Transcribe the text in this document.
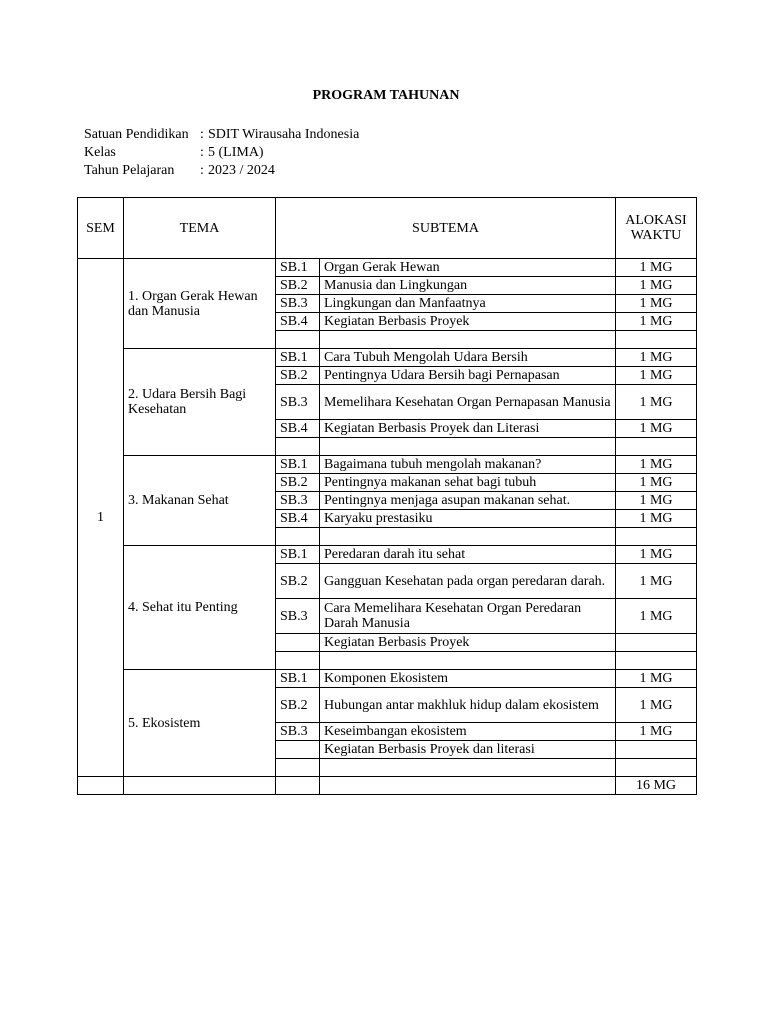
PROGRAM TAHUNAN
Satuan Pendidikan : SDIT Wirausaha Indonesia
Kelas	: 5 (LIMA)
Tahun Pelajaran	: 2023 / 2024
SEM	TEMA	SUBTEMA		ALOKASI
WAKTU
1	1. Organ Gerak Hewan dan Manusia	SB.1	Organ Gerak Hewan	1 MG
		SB.2	Manusia dan Lingkungan	1 MG
		SB.3	Lingkungan dan Manfaatnya	1 MG
		SB.4	Kegiatan Berbasis Proyek	1 MG

	2. Udara Bersih Bagi Kesehatan	SB.1	Cara Tubuh Mengolah Udara Bersih	1 MG
		SB.2	Pentingnya Udara Bersih bagi Pernapasan	1 MG
		SB.3	Memelihara Kesehatan Organ Pernapasan Manusia	1 MG
		SB.4	Kegiatan Berbasis Proyek dan Literasi	1 MG

	3. Makanan Sehat	SB.1	Bagaimana tubuh mengolah makanan?	1 MG
		SB.2	Pentingnya makanan sehat bagi tubuh	1 MG
		SB.3	Pentingnya menjaga asupan makanan sehat.	1 MG
		SB.4	Karyaku prestasiku	1 MG

	4. Sehat itu Penting	SB.1	Peredaran darah itu sehat	1 MG
		SB.2	Gangguan Kesehatan pada organ peredaran darah.	1 MG
		SB.3	Cara Memelihara Kesehatan Organ Peredaran Darah Manusia	1 MG
			Kegiatan Berbasis Proyek	

	5. Ekosistem	SB.1	Komponen Ekosistem	1 MG
		SB.2	Hubungan antar makhluk hidup dalam ekosistem	1 MG
		SB.3	Keseimbangan ekosistem	1 MG
			Kegiatan Berbasis Proyek dan literasi	

				16 MG
